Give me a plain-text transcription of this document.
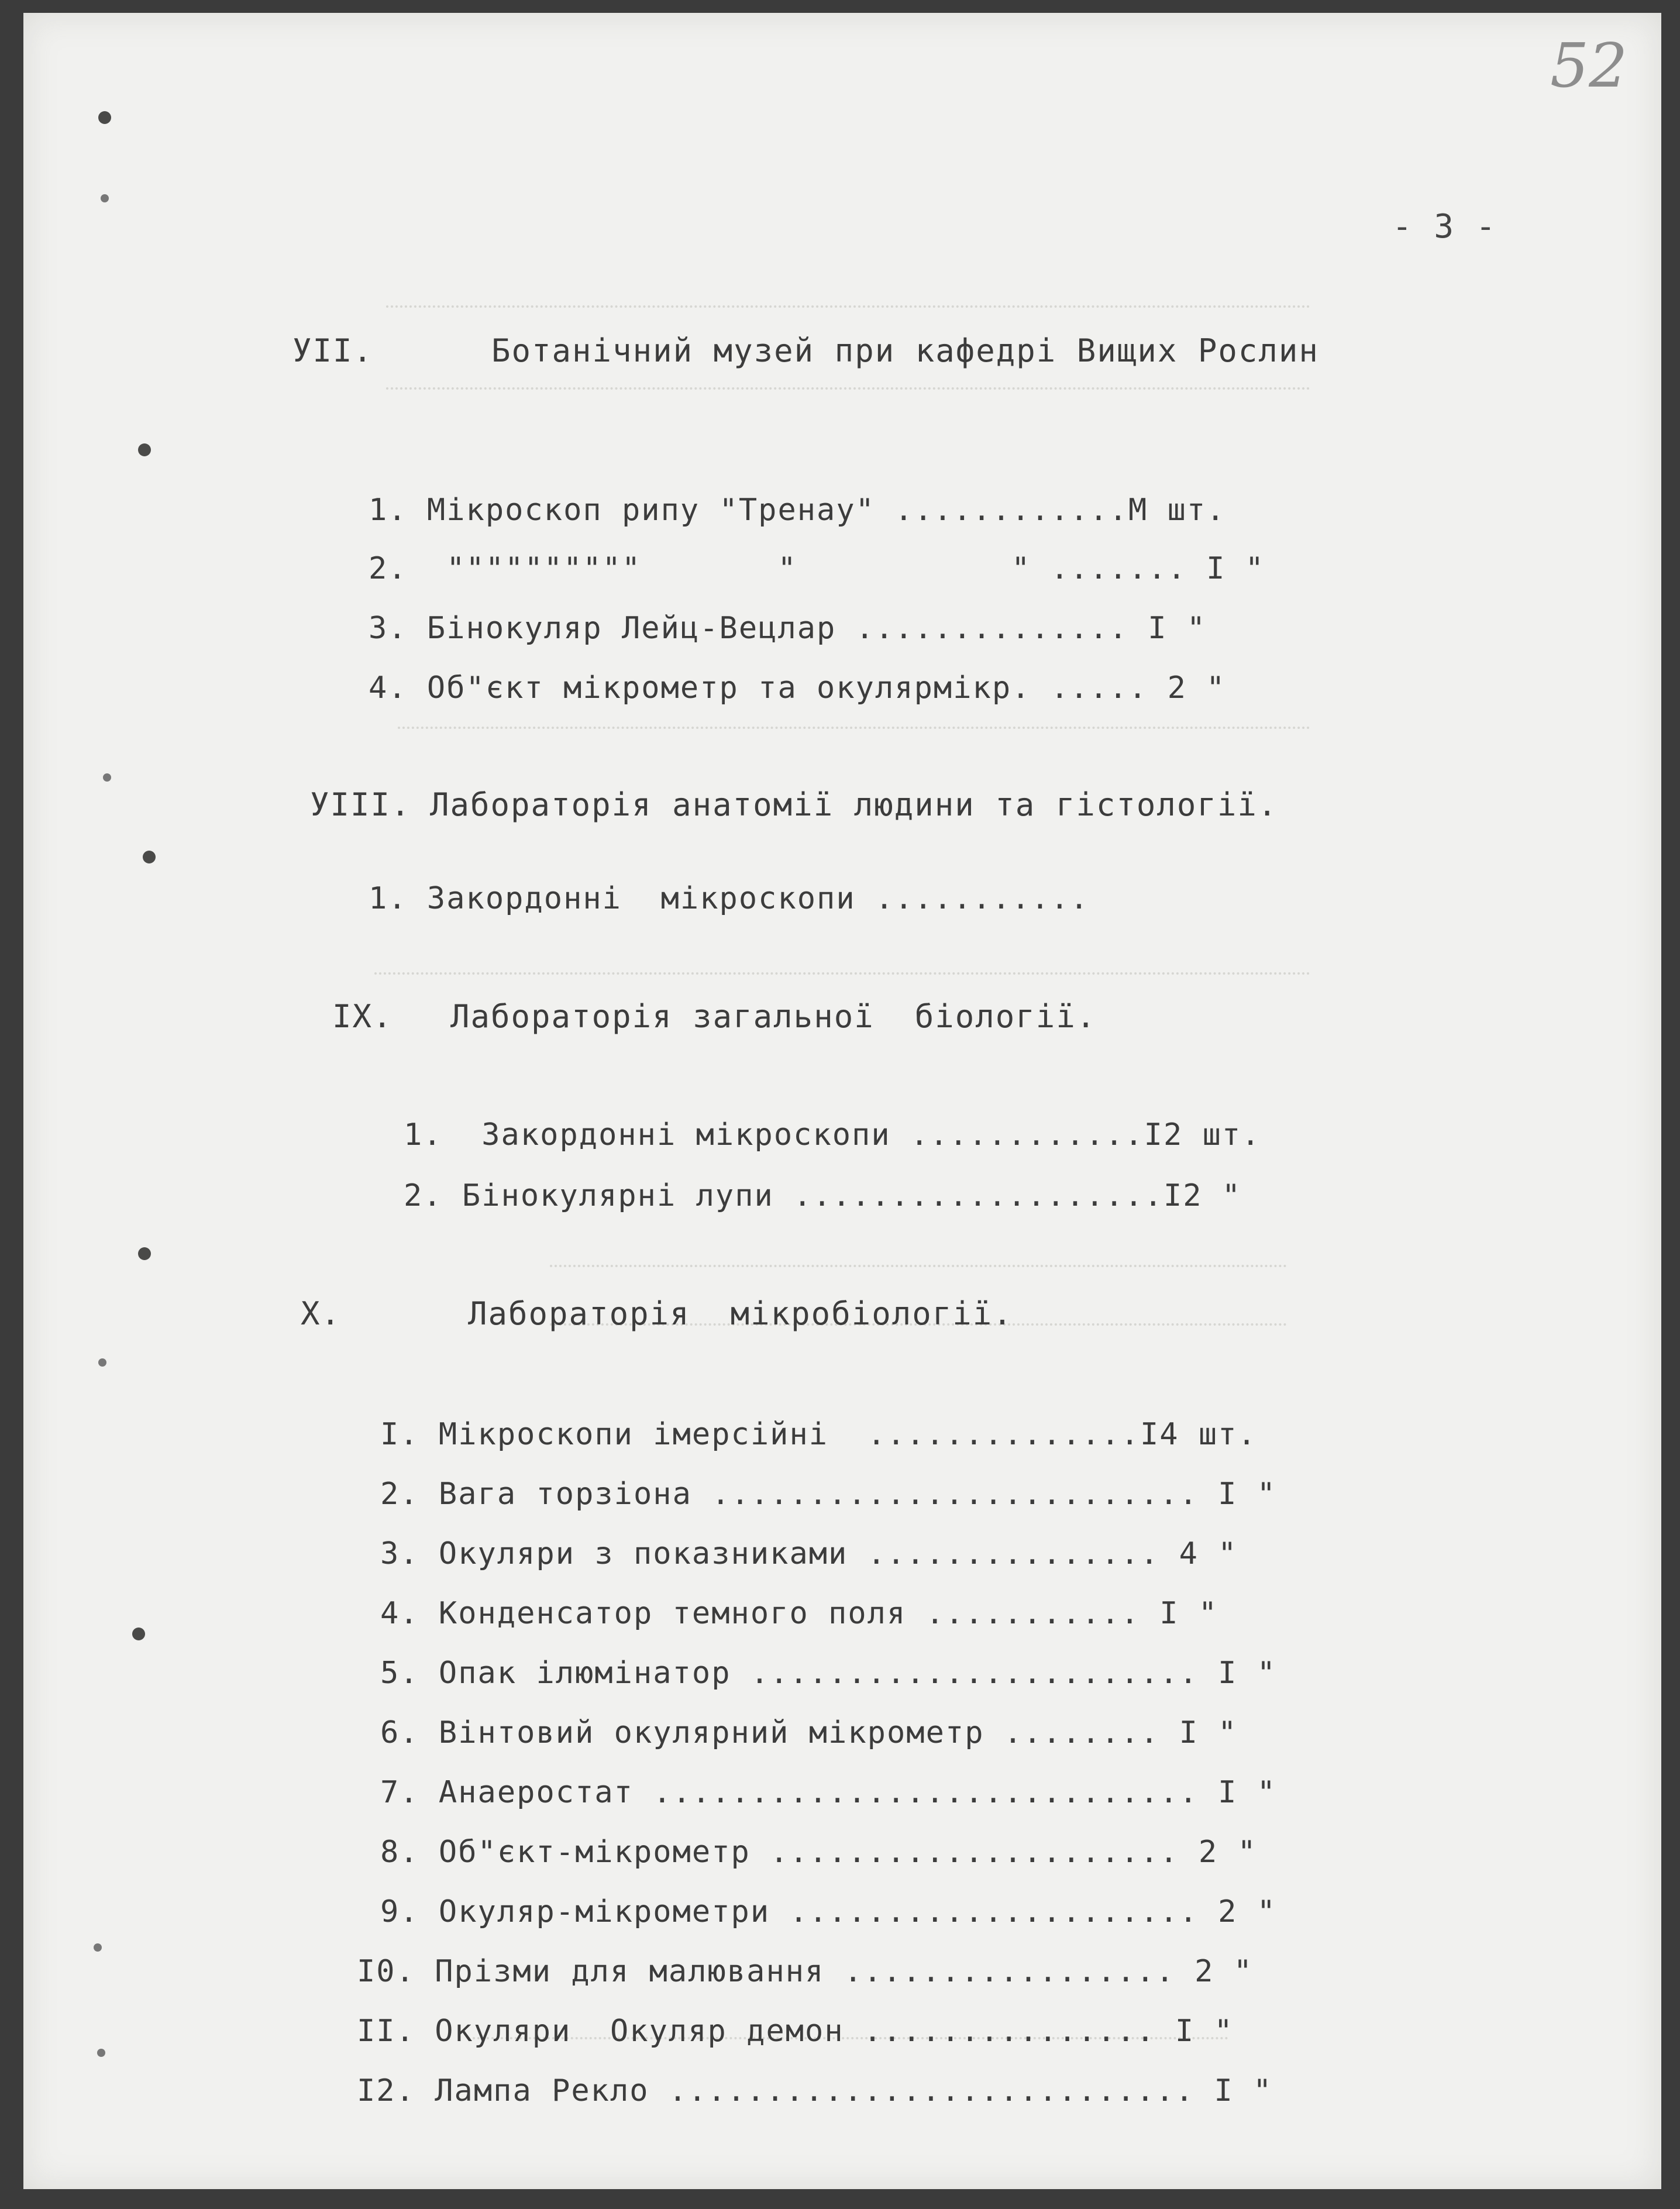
52
- 3 -
УІІ.	Ботанічний музей при кафедрі Вищих Рослин
1. Мікроскоп рипу "Тренау" ............М шт.
2.  """"""""""       "           " ....... І "
3. Бінокуляр Лейц-Вецлар .............. І "
4. Об"єкт мікрометр та окулярмікр. ..... 2 "
УІІІ. Лабораторія анатомії людини та гістології.
1. Закордонні  мікроскопи ...........
ІХ. Лабораторія загальної  біології.
1.  Закордонні мікроскопи ............І2 шт.
2. Бінокулярні лупи ...................І2 "
Х.	Лабораторія  мікробіології.
І. Мікроскопи імерсійні  ..............І4 шт.
2. Вага торзіона ......................... І "
3. Окуляри з показниками ............... 4 "
4. Конденсатор темного поля ........... І "
5. Опак ілюмінатор ....................... І "
6. Вінтовий окулярний мікрометр ........ І "
7. Анаеростат ............................ І "
8. Об"єкт-мікрометр ..................... 2 "
9. Окуляр-мікрометри ..................... 2 "
І0. Прізми для малювання ................. 2 "
ІІ. Окуляри  Окуляр демон ............... І "
І2. Лампа Рекло ........................... І "
